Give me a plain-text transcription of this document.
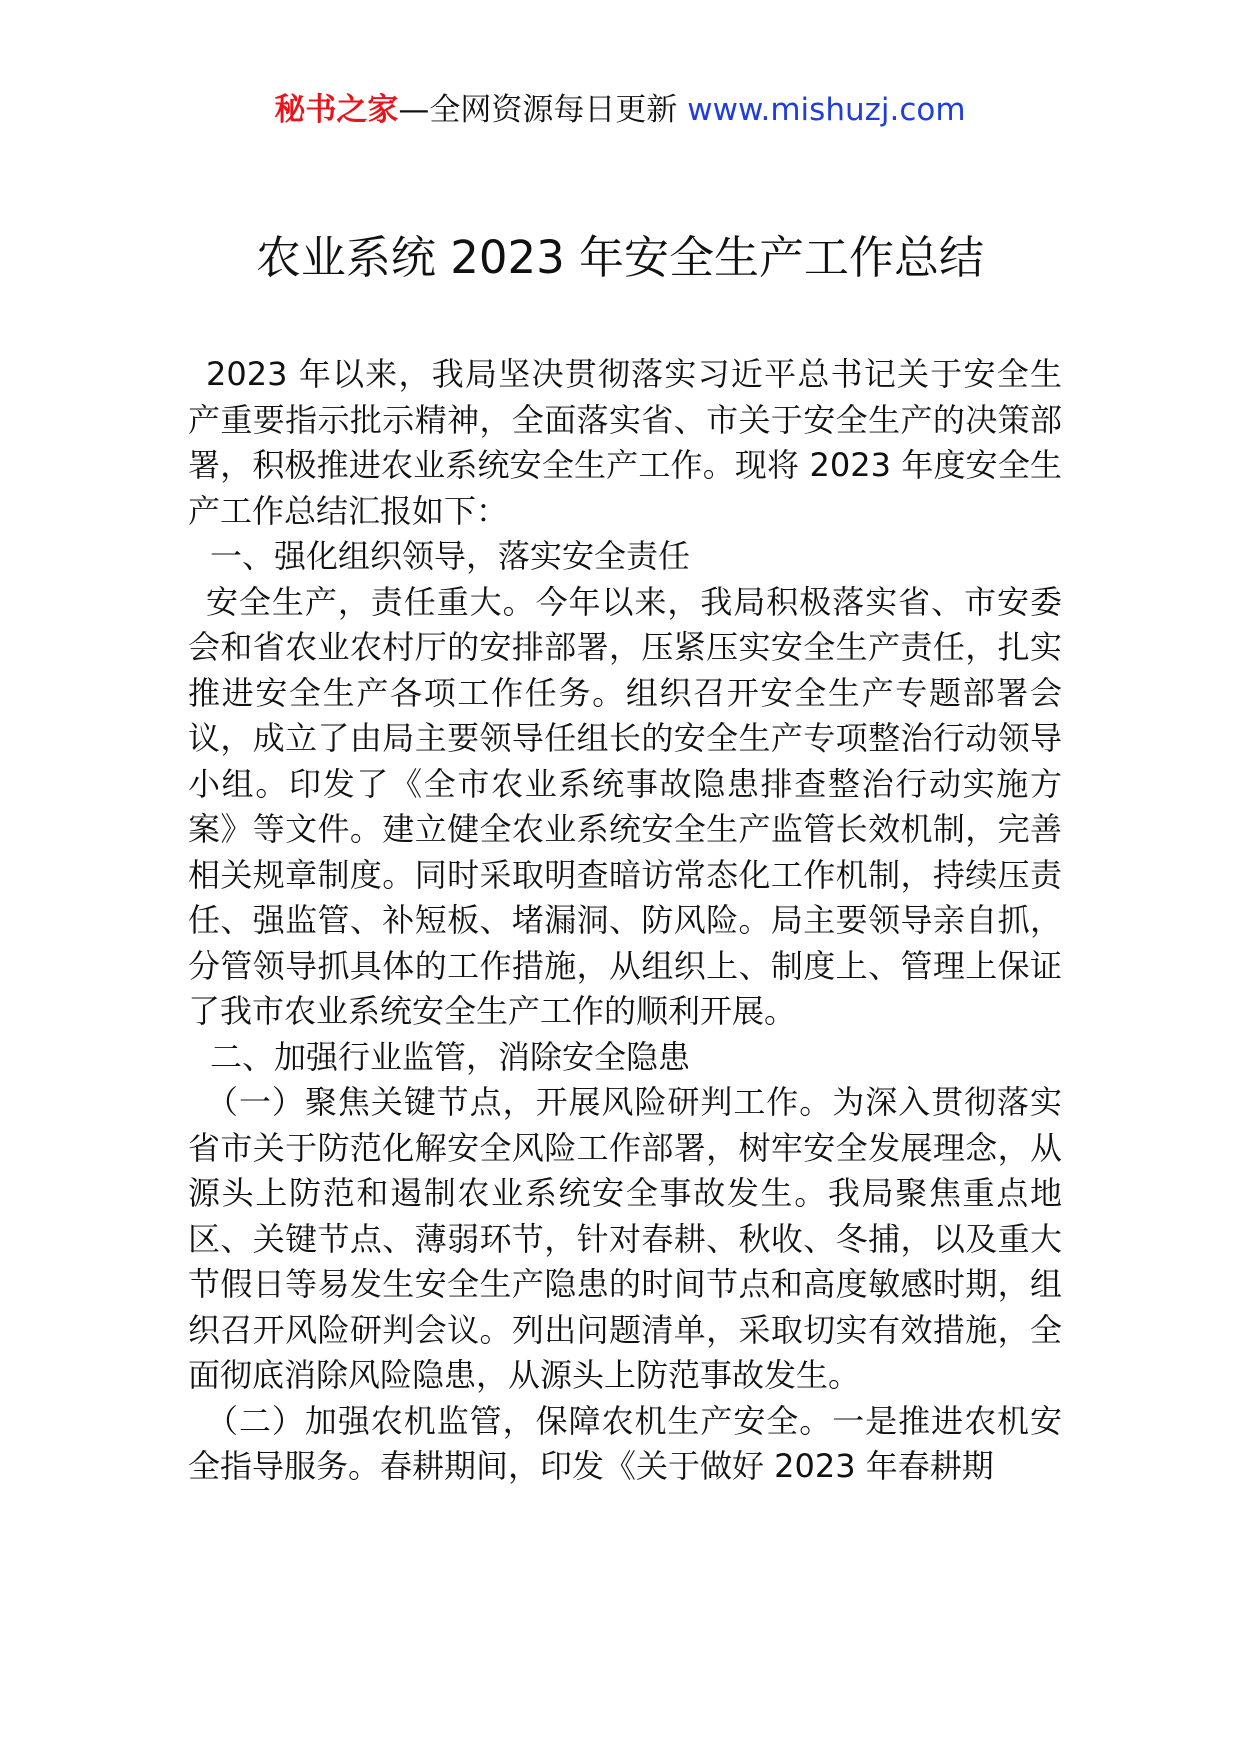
秘书之家—全网资源每日更新 www.mishuzj.com
农业系统 2023 年安全生产工作总结

2023 年以来，我局坚决贯彻落实习近平总书记关于安全生产重要指示批示精神，全面落实省、市关于安全生产的决策部署，积极推进农业系统安全生产工作。现将 2023 年度安全生产工作总结汇报如下：

一、强化组织领导，落实安全责任

安全生产，责任重大。今年以来，我局积极落实省、市安委会和省农业农村厅的安排部署，压紧压实安全生产责任，扎实推进安全生产各项工作任务。组织召开安全生产专题部署会议，成立了由局主要领导任组长的安全生产专项整治行动领导小组。印发了《全市农业系统事故隐患排查整治行动实施方案》等文件。建立健全农业系统安全生产监管长效机制，完善相关规章制度。同时采取明查暗访常态化工作机制，持续压责任、强监管、补短板、堵漏洞、防风险。局主要领导亲自抓，分管领导抓具体的工作措施，从组织上、制度上、管理上保证了我市农业系统安全生产工作的顺利开展。

二、加强行业监管，消除安全隐患

（一）聚焦关键节点，开展风险研判工作。为深入贯彻落实省市关于防范化解安全风险工作部署，树牢安全发展理念，从源头上防范和遏制农业系统安全事故发生。我局聚焦重点地区、关键节点、薄弱环节，针对春耕、秋收、冬捕，以及重大节假日等易发生安全生产隐患的时间节点和高度敏感时期，组织召开风险研判会议。列出问题清单，采取切实有效措施，全面彻底消除风险隐患，从源头上防范事故发生。

（二）加强农机监管，保障农机生产安全。一是推进农机安全指导服务。春耕期间，印发《关于做好 2023 年春耕期
